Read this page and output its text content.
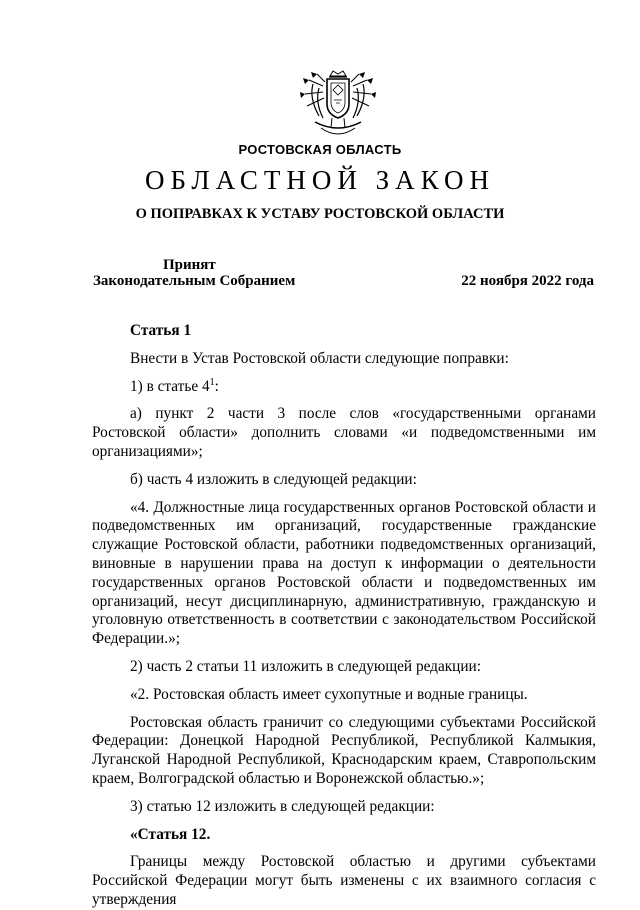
РОСТОВСКАЯ ОБЛАСТЬ
ОБЛАСТНОЙ ЗАКОН
О ПОПРАВКАХ К УСТАВУ РОСТОВСКОЙ ОБЛАСТИ
Принят
Законодательным Собранием	22 ноября 2022 года

Статья 1

Внести в Устав Ростовской области следующие поправки:

1) в статье $4^1$:

а) пункт 2 части 3 после слов «государственными органами Ростовской области» дополнить словами «и подведомственными им организациями»;

б) часть 4 изложить в следующей редакции:

«4. Должностные лица государственных органов Ростовской области и подведомственных им организаций, государственные гражданские служащие Ростовской области, работники подведомственных организаций, виновные в нарушении права на доступ к информации о деятельности государственных органов Ростовской области и подведомственных им организаций, несут дисциплинарную, административную, гражданскую и уголовную ответственность в соответствии с законодательством Российской Федерации.»;

2) часть 2 статьи 11 изложить в следующей редакции:

«2. Ростовская область имеет сухопутные и водные границы.

Ростовская область граничит со следующими субъектами Российской Федерации: Донецкой Народной Республикой, Республикой Калмыкия, Луганской Народной Республикой, Краснодарским краем, Ставропольским краем, Волгоградской областью и Воронежской областью.»;

3) статью 12 изложить в следующей редакции:

«Статья 12.

Границы между Ростовской областью и другими субъектами Российской Федерации могут быть изменены с их взаимного согласия с утверждения
